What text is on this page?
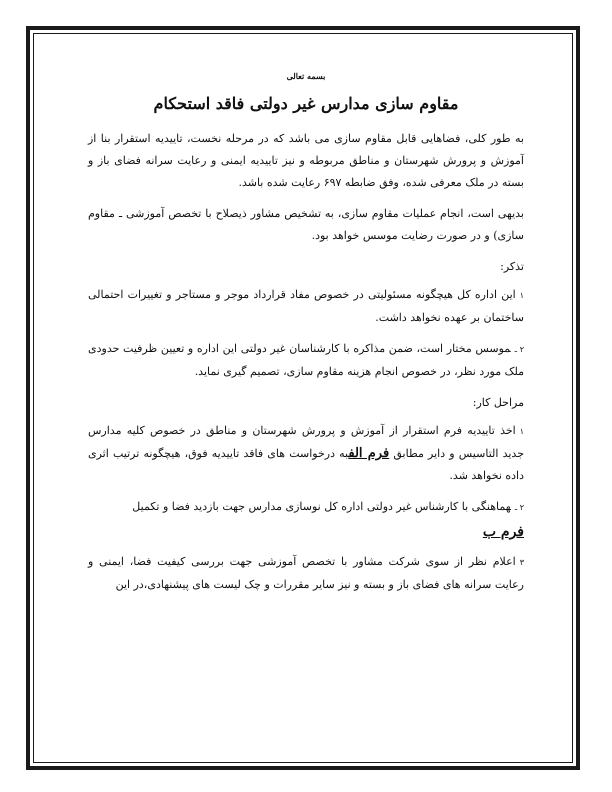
بسمه تعالی
مقاوم سازی مدارس غیر دولتی فاقد استحکام

به طور کلی، فضاهایی قابل مقاوم سازی می باشد که در مرحله نخست، تاییدیه استقرار بنا از آموزش و پرورش شهرستان و مناطق مربوطه و نیز تاییدیه ایمنی و رعایت سرانه فضای باز و بسته در ملک معرفی شده، وفق ضابطه ۶۹۷ رعایت شده باشد.

بدیهی است، انجام عملیات مقاوم سازی، به تشخیص مشاور ذیصلاح با تخصص آموزشی ـ مقاوم سازی) و در صورت رضایت موسس خواهد بود.

تذکر:

۱این اداره کل هیچگونه مسئولیتی در خصوص مفاد قرارداد موجر و مستاجر و تغییرات احتمالی ساختمان بر عهده نخواهد داشت.

۲ ـموسس مختار است، ضمن مذاکره با کارشناسان غیر دولتی این اداره و تعیین ظرفیت حدودی ملک مورد نظر، در خصوص انجام هزینه مقاوم سازی، تصمیم گیری نماید.

مراحل کار:

۱اخذ تاییدیه فرم استقرار از آموزش و پرورش شهرستان و مناطق در خصوص کلیه مدارس جدید التاسیس و دایر مطابق فرم الفبه درخواست های فاقد تاییدیه فوق، هیچگونه ترتیب اثری داده نخواهد شد.

۲ ـهماهنگی با کارشناس غیر دولتی اداره کل نوسازی مدارس جهت بازدید فضا و تکمیل

فرم ب

۳اعلام نظر از سوی شرکت مشاور با تخصص آموزشی جهت بررسی کیفیت فضا، ایمنی و رعایت سرانه های فضای باز و بسته و نیز سایر مقررات و چک لیست های پیشنهادی،در این
